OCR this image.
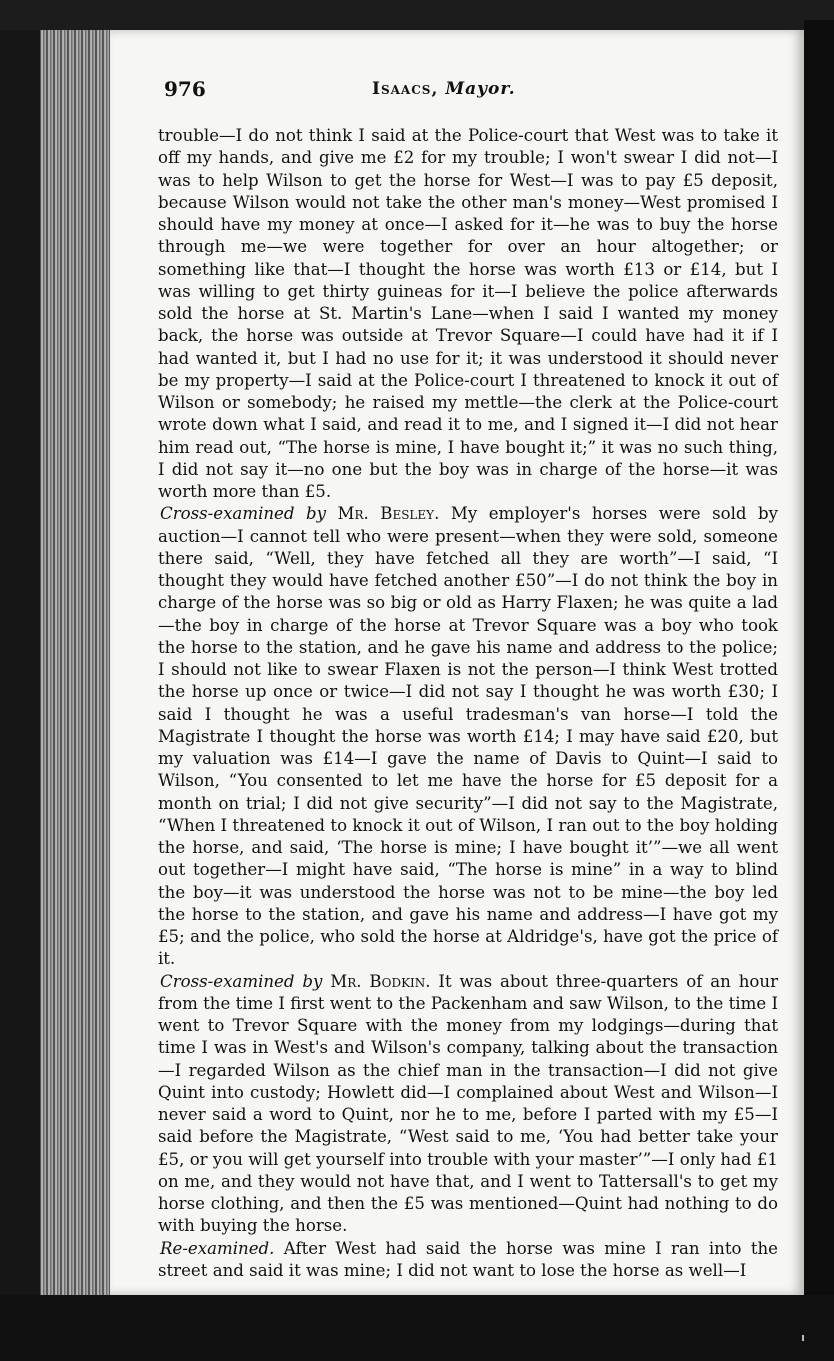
976	Isaacs, Mayor.

trouble—I do not think I said at the Police-court that West was to take it off my hands, and give me £2 for my trouble; I won't swear I did not—I was to help Wilson to get the horse for West—I was to pay £5 deposit, because Wilson would not take the other man's money—West promised I should have my money at once—I asked for it—he was to buy the horse through me—we were together for over an hour altogether; or something like that—I thought the horse was worth £13 or £14, but I was willing to get thirty guineas for it—I believe the police afterwards sold the horse at St. Martin's Lane—when I said I wanted my money back, the horse was outside at Trevor Square—I could have had it if I had wanted it, but I had no use for it; it was understood it should never be my property—I said at the Police-court I threatened to knock it out of Wilson or somebody; he raised my mettle—the clerk at the Police-court wrote down what I said, and read it to me, and I signed it—I did not hear him read out, “The horse is mine, I have bought it;” it was no such thing, I did not say it—no one but the boy was in charge of the horse—it was worth more than £5.

Cross-examined by Mr. Besley. My employer's horses were sold by auction—I cannot tell who were present—when they were sold, someone there said, “Well, they have fetched all they are worth”—I said, “I thought they would have fetched another £50”—I do not think the boy in charge of the horse was so big or old as Harry Flaxen; he was quite a lad—the boy in charge of the horse at Trevor Square was a boy who took the horse to the station, and he gave his name and address to the police; I should not like to swear Flaxen is not the person—I think West trotted the horse up once or twice—I did not say I thought he was worth £30; I said I thought he was a useful tradesman's van horse—I told the Magistrate I thought the horse was worth £14; I may have said £20, but my valuation was £14—I gave the name of Davis to Quint—I said to Wilson, “You consented to let me have the horse for £5 deposit for a month on trial; I did not give security”—I did not say to the Magistrate, “When I threatened to knock it out of Wilson, I ran out to the boy holding the horse, and said, ‘The horse is mine; I have bought it’”—we all went out together—I might have said, “The horse is mine” in a way to blind the boy—it was understood the horse was not to be mine—the boy led the horse to the station, and gave his name and address—I have got my £5; and the police, who sold the horse at Aldridge's, have got the price of it.

Cross-examined by Mr. Bodkin. It was about three-quarters of an hour from the time I first went to the Packenham and saw Wilson, to the time I went to Trevor Square with the money from my lodgings—during that time I was in West's and Wilson's company, talking about the transaction—I regarded Wilson as the chief man in the transaction—I did not give Quint into custody; Howlett did—I complained about West and Wilson—I never said a word to Quint, nor he to me, before I parted with my £5—I said before the Magistrate, “West said to me, ‘You had better take your £5, or you will get yourself into trouble with your master’”—I only had £1 on me, and they would not have that, and I went to Tattersall's to get my horse clothing, and then the £5 was mentioned—Quint had nothing to do with buying the horse.

Re-examined. After West had said the horse was mine I ran into the street and said it was mine; I did not want to lose the horse as well—I
